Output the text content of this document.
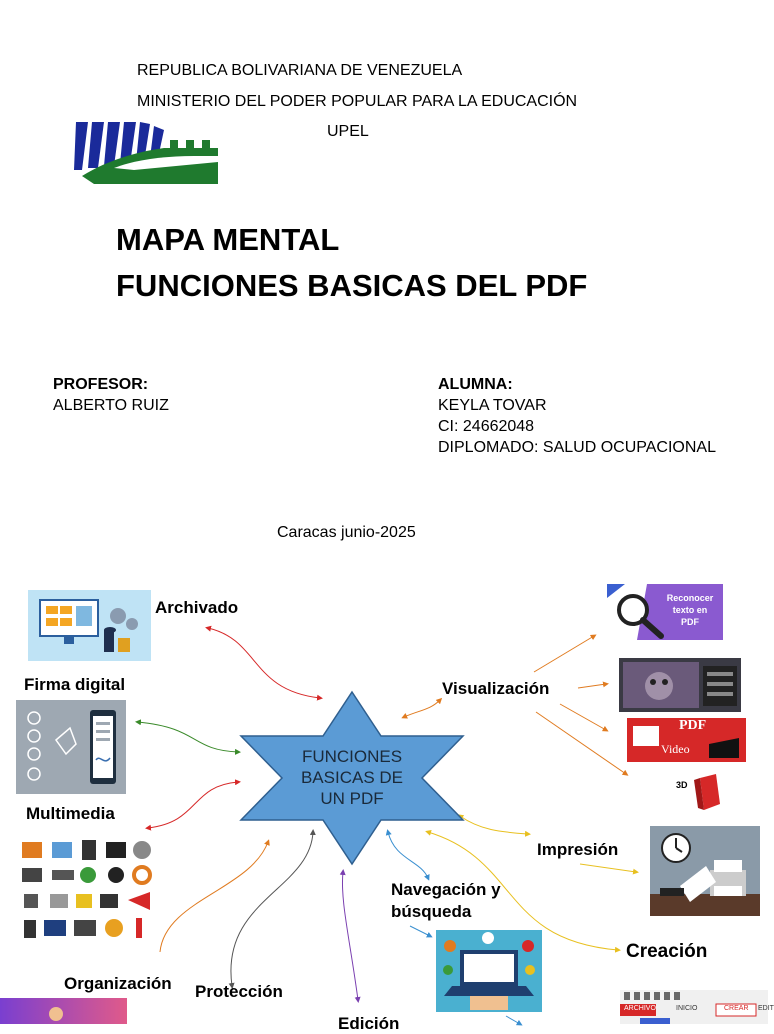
REPUBLICA BOLIVARIANA DE VENEZUELA
MINISTERIO DEL PODER POPULAR PARA LA EDUCACIÓN
UPEL
MAPA MENTAL
FUNCIONES BASICAS DEL PDF
PROFESOR:
ALBERTO RUIZ
ALUMNA:
KEYLA TOVAR
CI: 24662048
DIPLOMADO: SALUD OCUPACIONAL
Caracas junio-2025
FUNCIONES
BASICAS DE
UN PDF
Archivado
Firma digital
Multimedia
Organización Protección
Edición
Visualización
Impresión
Navegación y
búsqueda
Creación
Reconocer
texto en
PDF
PDF
Video
3D
ARCHIVO	INICIO	CREAR EDIT
